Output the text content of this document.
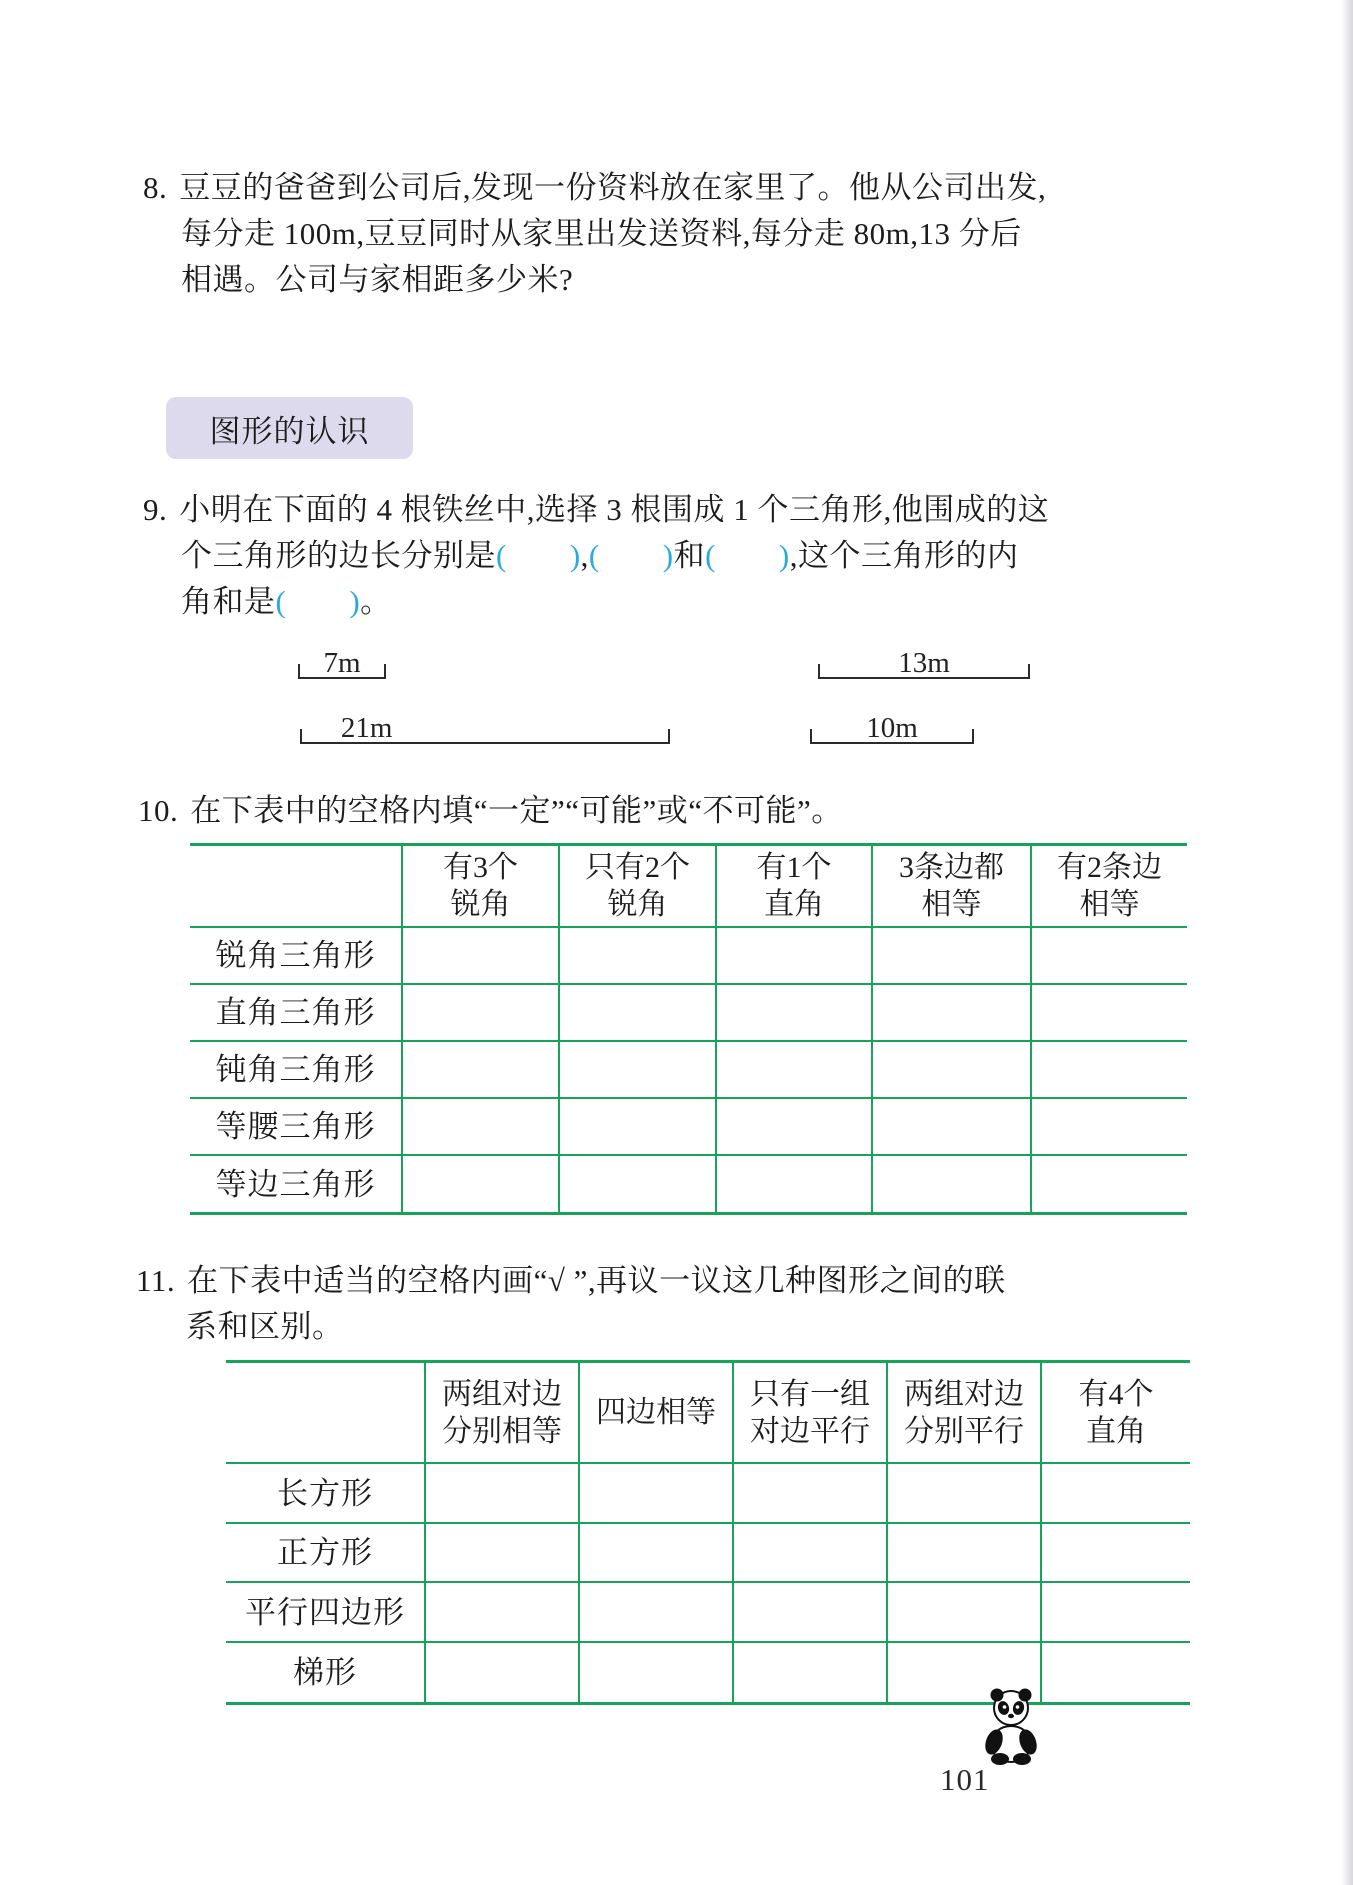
8. 豆豆的爸爸到公司后,发现一份资料放在家里了。他从公司出发,
每分走 100m,豆豆同时从家里出发送资料,每分走 80m,13 分后
相遇。公司与家相距多少米?
图形的认识
9. 小明在下面的 4 根铁丝中,选择 3 根围成 1 个三角形,他围成的这
个三角形的边长分别是(　　),(　　)和(　　),这个三角形的内
角和是(　　)。
7m	13m
21m	10m
10. 在下表中的空格内填“一定”“可能”或“不可能”。
有3个
锐角
只有2个
锐角
有1个
直角
3条边都
相等
有2条边
相等
锐角三角形
直角三角形
钝角三角形
等腰三角形
等边三角形
11. 在下表中适当的空格内画“√ ”,再议一议这几种图形之间的联
系和区别。
两组对边
分别相等
四边相等
只有一组
对边平行
两组对边
分别平行
有4个
直角
长方形
正方形
平行四边形
梯形
101
